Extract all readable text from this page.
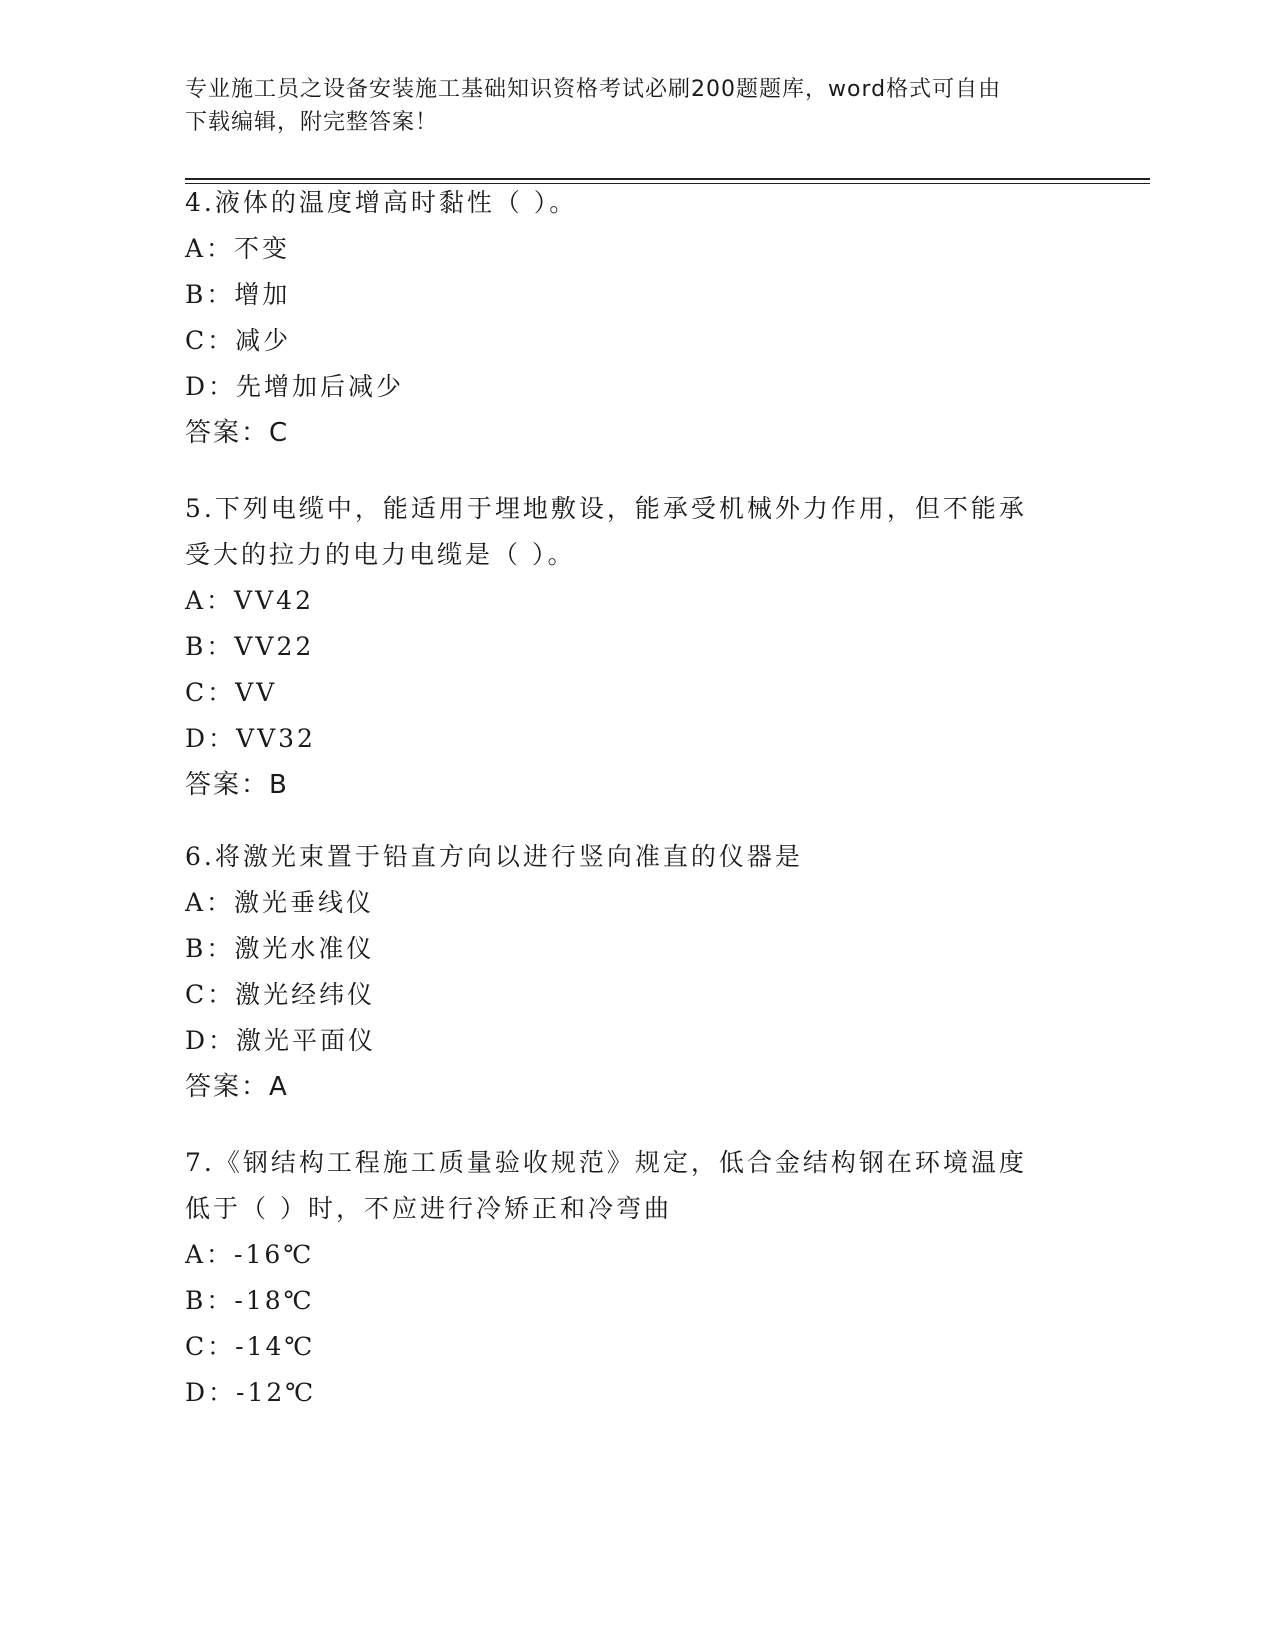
专业施工员之设备安装施工基础知识资格考试必刷200题题库，word格式可自由
下载编辑，附完整答案！
4.液体的温度增高时黏性（ ）。
A：不变
B：增加
C：减少
D：先增加后减少
答案：C
5.下列电缆中，能适用于埋地敷设，能承受机械外力作用，但不能承
受大的拉力的电力电缆是（ ）。
A：VV42
B：VV22
C：VV
D：VV32
答案：B
6.将激光束置于铅直方向以进行竖向准直的仪器是
A：激光垂线仪
B：激光水准仪
C：激光经纬仪
D：激光平面仪
答案：A
7.《钢结构工程施工质量验收规范》规定，低合金结构钢在环境温度
低于（ ）时，不应进行冷矫正和冷弯曲
A：-16℃
B：-18℃
C：-14℃
D：-12℃
